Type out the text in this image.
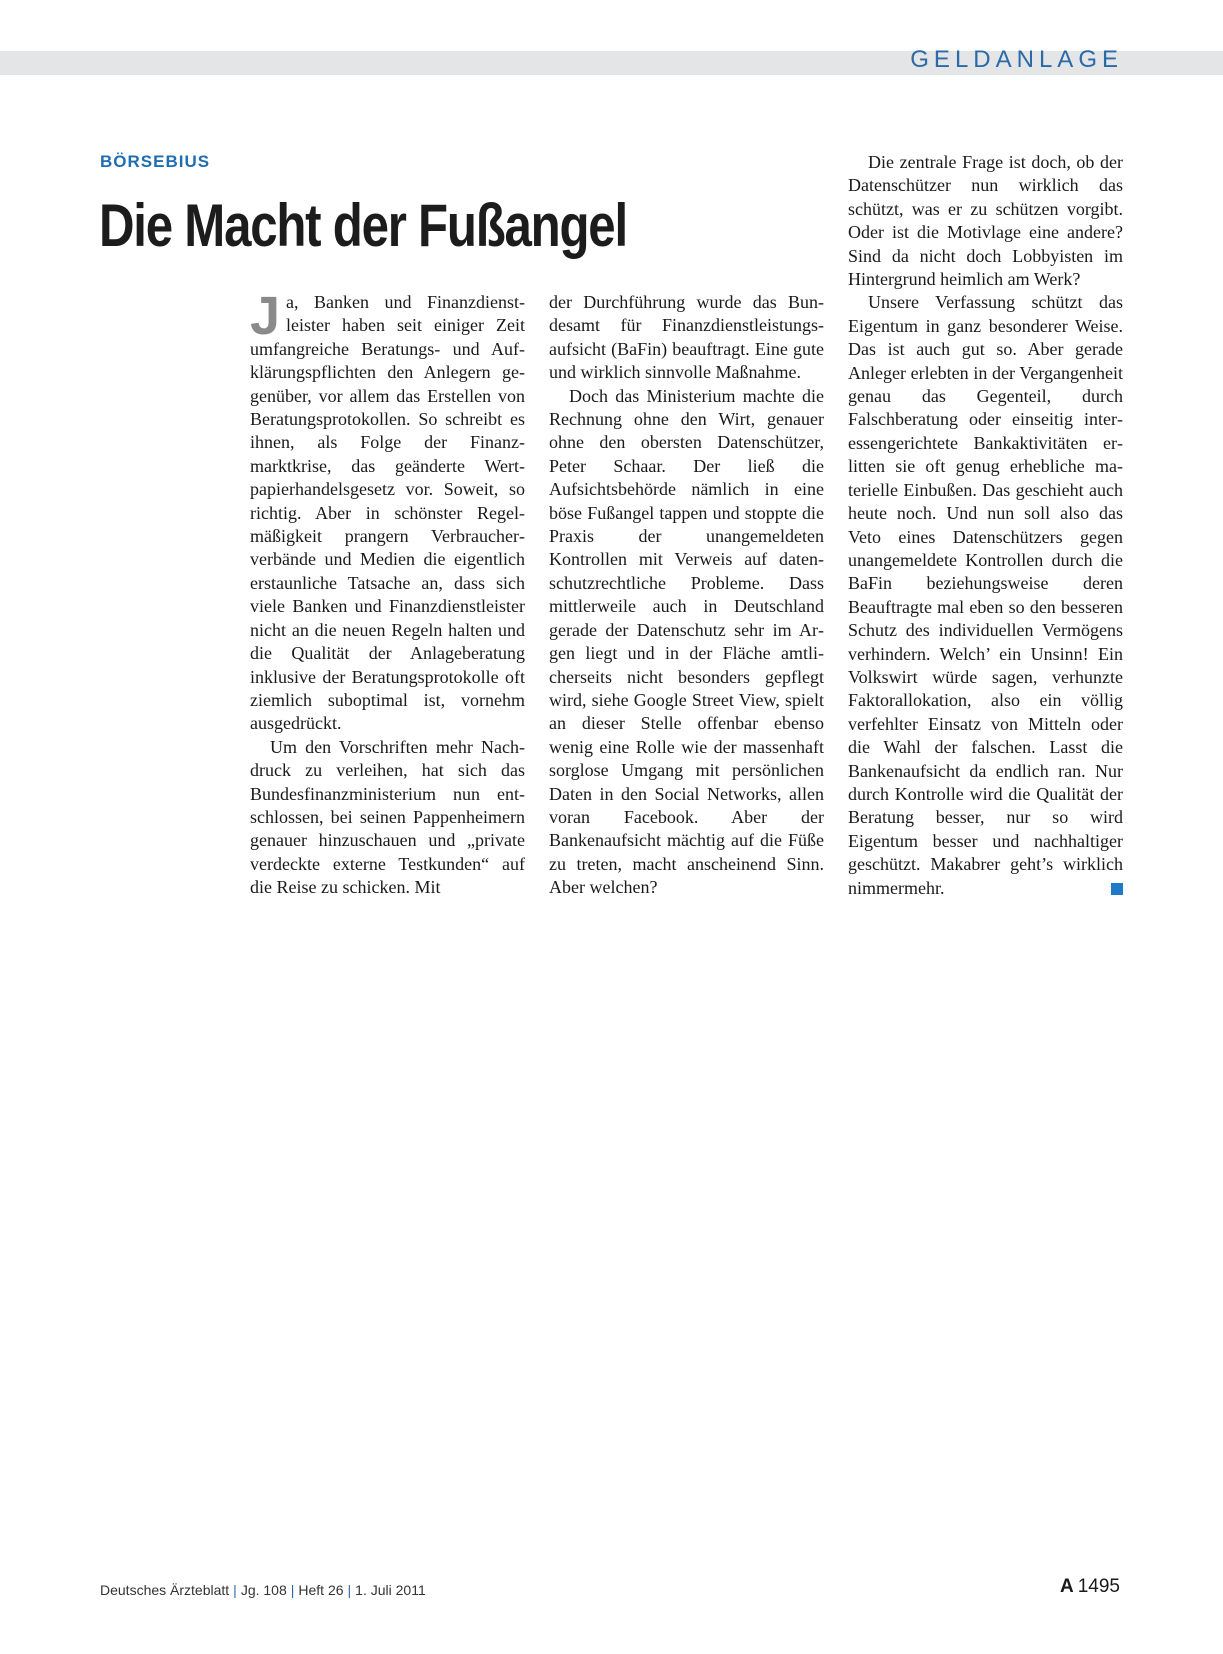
GELDANLAGE
BÖRSEBIUS
Die Macht der Fußangel
J a, Banken und Finanzdienstleister haben seit einiger Zeit umfangreiche Beratungs- und Aufklärungspflichten den Anlegern gegenüber, vor allem das Erstellen von Beratungsprotokollen. So schreibt es ihnen, als Folge der Finanzmarktkrise, das geänderte Wertpapierhandelsgesetz vor. Soweit, so richtig. Aber in schönster Regelmäßigkeit prangern Verbraucherverbände und Medien die eigentlich erstaunliche Tatsache an, dass sich viele Banken und Finanzdienstleister nicht an die neuen Regeln halten und die Qualität der Anlageberatung inklusive der Beratungsprotokolle oft ziemlich suboptimal ist, vornehm ausgedrückt.

Um den Vorschriften mehr Nachdruck zu verleihen, hat sich das Bundesfinanzministerium nun entschlossen, bei seinen Pappenheimern genauer hinzuschauen und „private verdeckte externe Testkunden“ auf die Reise zu schicken. Mit

der Durchführung wurde das Bundesamt für Finanzdienstleistungsaufsicht (BaFin) beauftragt. Eine gute und wirklich sinnvolle Maßnahme.

Doch das Ministerium machte die Rechnung ohne den Wirt, genauer ohne den obersten Datenschützer, Peter Schaar. Der ließ die Aufsichtsbehörde nämlich in eine böse Fußangel tappen und stoppte die Praxis der unangemeldeten Kontrollen mit Verweis auf datenschutzrechtliche Probleme. Dass mittlerweile auch in Deutschland gerade der Datenschutz sehr im Argen liegt und in der Fläche amtlicherseits nicht besonders gepflegt wird, siehe Google Street View, spielt an dieser Stelle offenbar ebenso wenig eine Rolle wie der massenhaft sorglose Umgang mit persönlichen Daten in den Social Networks, allen voran Facebook. Aber der Bankenaufsicht mächtig auf die Füße zu treten, macht anscheinend Sinn. Aber welchen?

Die zentrale Frage ist doch, ob der Datenschützer nun wirklich das schützt, was er zu schützen vorgibt. Oder ist die Motivlage eine andere? Sind da nicht doch Lobbyisten im Hintergrund heimlich am Werk?

Unsere Verfassung schützt das Eigentum in ganz besonderer Weise. Das ist auch gut so. Aber gerade Anleger erlebten in der Vergangenheit genau das Gegenteil, durch Falschberatung oder einseitig interessengerichtete Bankaktivitäten erlitten sie oft genug erhebliche materielle Einbußen. Das geschieht auch heute noch. Und nun soll also das Veto eines Datenschützers gegen unangemeldete Kontrollen durch die BaFin beziehungsweise deren Beauftragte mal eben so den besseren Schutz des individuellen Vermögens verhindern. Welch’ ein Unsinn! Ein Volkswirt würde sagen, verhunzte Faktorallokation, also ein völlig verfehlter Einsatz von Mitteln oder die Wahl der falschen. Lasst die Bankenaufsicht da endlich ran. Nur durch Kontrolle wird die Qualität der Beratung besser, nur so wird Eigentum besser und nachhaltiger geschützt. Makabrer geht’s wirklich nimmermehr.

Deutsches Ärzteblatt | Jg. 108 | Heft 26 | 1. Juli 2011	A 1495
